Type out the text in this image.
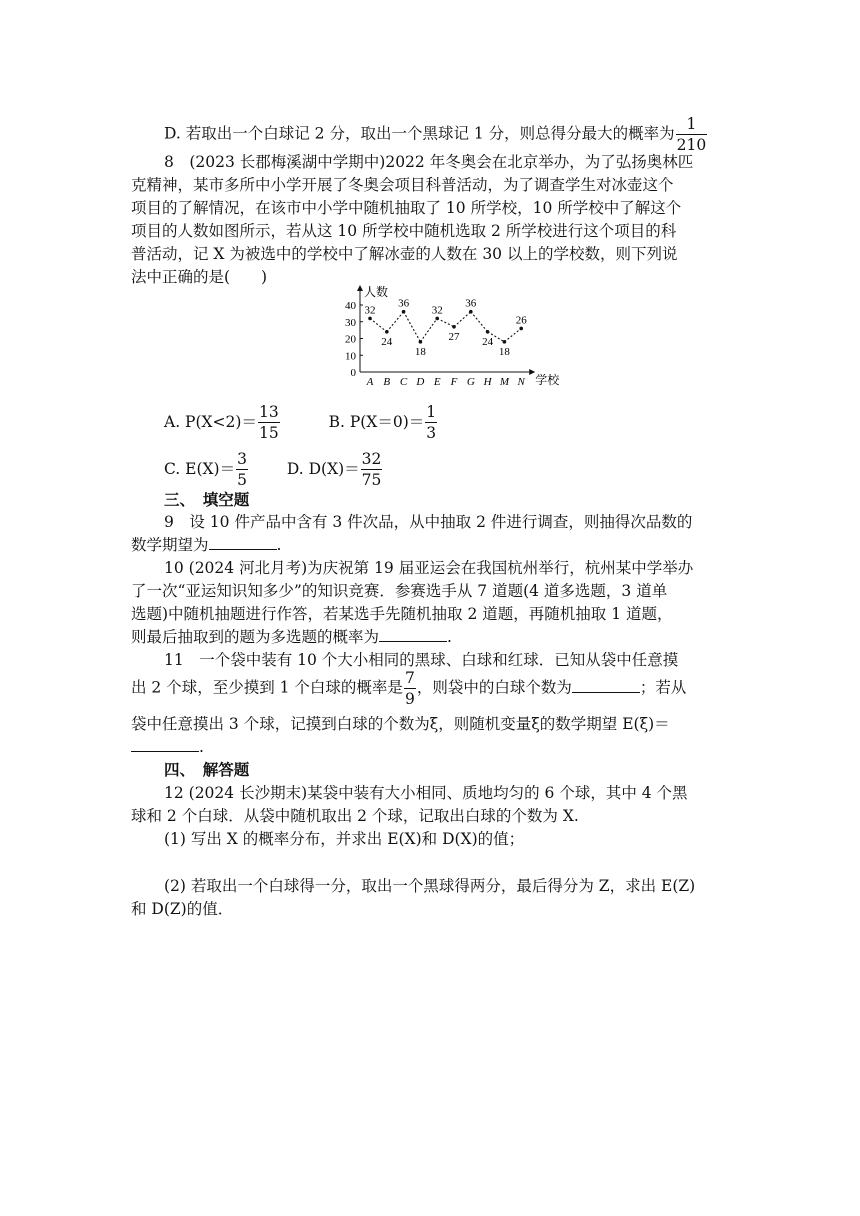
D. 若取出一个白球记 2 分，取出一个黑球记 1 分，则总得分最大的概率为 $\frac{1}{210}$
8　(2023 长郡梅溪湖中学期中)2022 年冬奥会在北京举办，为了弘扬奥林匹
克精神，某市多所中小学开展了冬奥会项目科普活动，为了调查学生对冰壶这个
项目的了解情况，在该市中小学中随机抽取了 10 所学校，10 所学校中了解这个
项目的人数如图所示，若从这 10 所学校中随机选取 2 所学校进行这个项目的科
普活动，记 X 为被选中的学校中了解冰壶的人数在 30 以上的学校数，则下列说
法中正确的是(　　)
人数
学校
0
10
20
30
40
A B C D E F G H M N
32
24
36
18
32
27
36
24
18
26
A. $P(X<2)= \frac{13}{15}$	B. $P(X=0)= \frac{1}{3}$
C. $E(X)= \frac{3}{5}$	D. $D(X)= \frac{32}{75}$
三、　填空题
9　设 10 件产品中含有 3 件次品，从中抽取 2 件进行调查，则抽得次品数的
数学期望为	.
10 (2024 河北月考)为庆祝第 19 届亚运会在我国杭州举行，杭州某中学举办
了一次“亚运知识知多少”的知识竞赛．参赛选手从 7 道题(4 道多选题，3 道单
选题)中随机抽题进行作答，若某选手先随机抽取 2 道题，再随机抽取 1 道题，
则最后抽取到的题为多选题的概率为	.
11　一个袋中装有 10 个大小相同的黑球、白球和红球．已知从袋中任意摸
出 2 个球，至少摸到 1 个白球的概率是 $\frac{7}{9}$ ，则袋中的白球个数为	；若从
袋中任意摸出 3 个球，记摸到白球的个数为ξ，则随机变量ξ的数学期望 E(ξ)＝
.
四、　解答题
12 (2024 长沙期末)某袋中装有大小相同、质地均匀的 6 个球，其中 4 个黑
球和 2 个白球．从袋中随机取出 2 个球，记取出白球的个数为 X.
(1) 写出 X 的概率分布，并求出 E(X)和 D(X)的值；
(2) 若取出一个白球得一分，取出一个黑球得两分，最后得分为 Z，求出 E(Z)
和 D(Z)的值．
